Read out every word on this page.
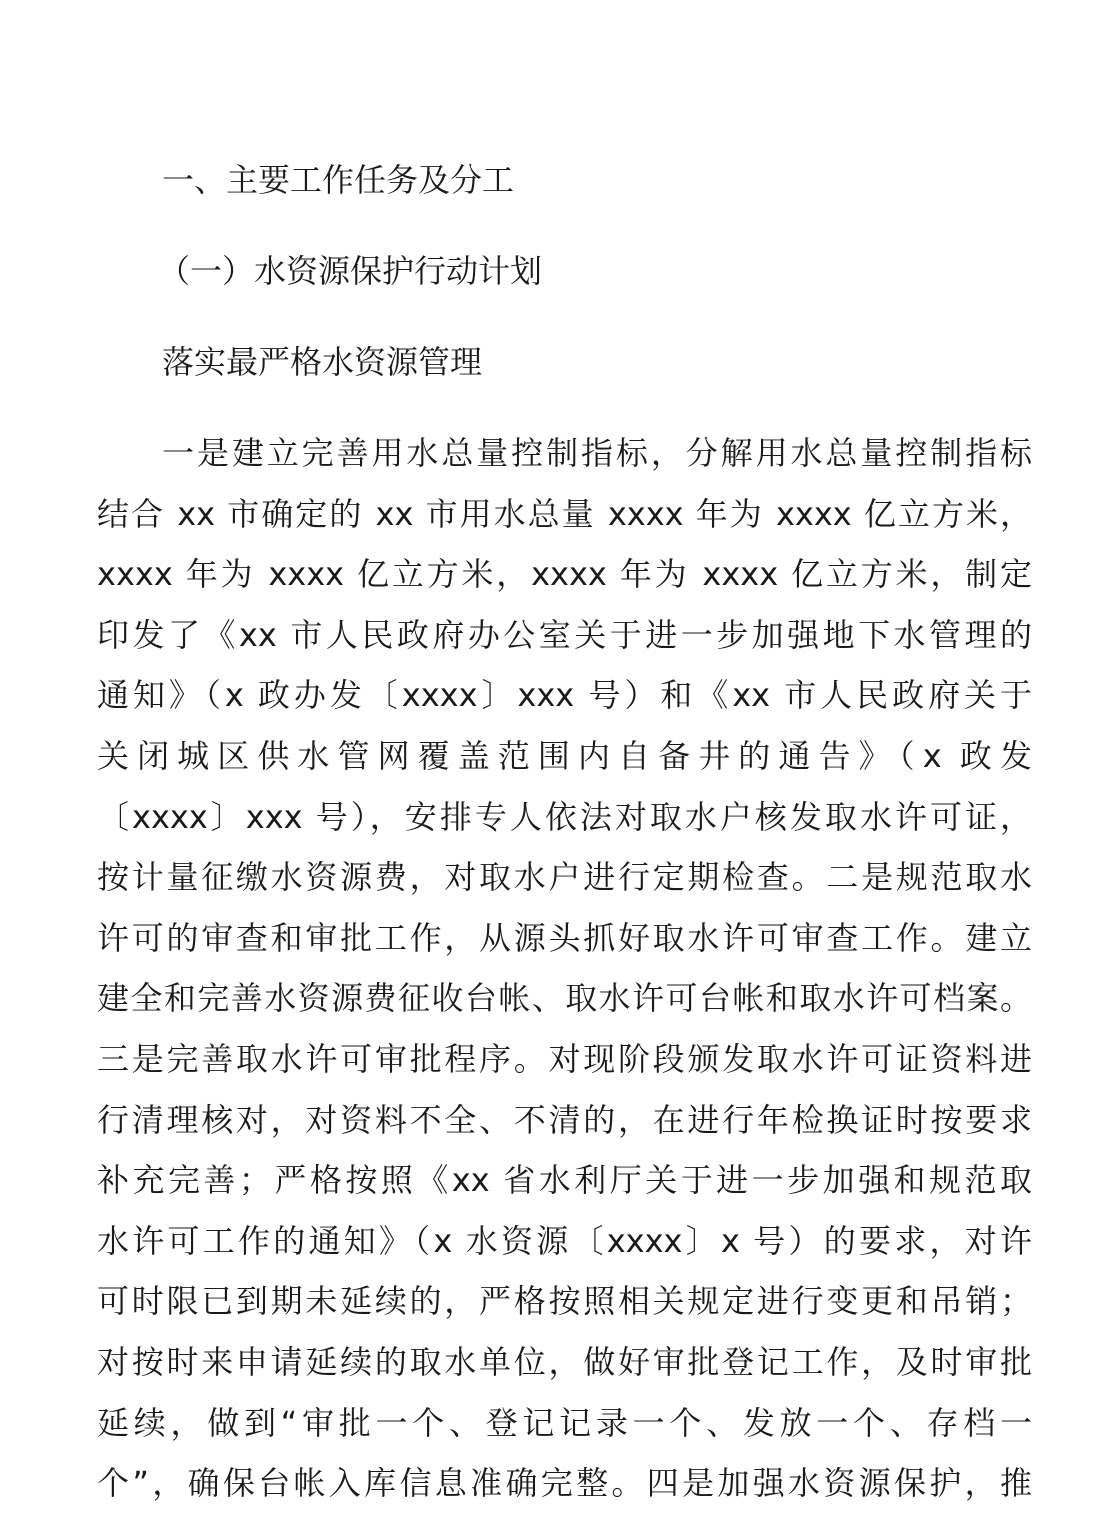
一、主要工作任务及分工
（一）水资源保护行动计划
落实最严格水资源管理
一是建立完善用水总量控制指标，分解用水总量控制指标
结合 xx 市确定的 xx 市用水总量 xxxx 年为 xxxx 亿立方米，
xxxx 年为 xxxx 亿立方米，xxxx 年为 xxxx 亿立方米，制定
印发了《xx 市人民政府办公室关于进一步加强地下水管理的
通知》（x 政办发〔xxxx〕xxx 号）和《xx 市人民政府关于
关闭城区供水管网覆盖范围内自备井的通告》（x 政发
〔xxxx〕xxx 号），安排专人依法对取水户核发取水许可证，
按计量征缴水资源费，对取水户进行定期检查。二是规范取水
许可的审查和审批工作，从源头抓好取水许可审查工作。建立
建全和完善水资源费征收台帐、取水许可台帐和取水许可档案。
三是完善取水许可审批程序。对现阶段颁发取水许可证资料进
行清理核对，对资料不全、不清的，在进行年检换证时按要求
补充完善；严格按照《xx 省水利厅关于进一步加强和规范取
水许可工作的通知》（x 水资源〔xxxx〕x 号）的要求，对许
可时限已到期未延续的，严格按照相关规定进行变更和吊销；
对按时来申请延续的取水单位，做好审批登记工作，及时审批
延续，做到“审批一个、登记记录一个、发放一个、存档一
个”，确保台帐入库信息准确完整。四是加强水资源保护，推
